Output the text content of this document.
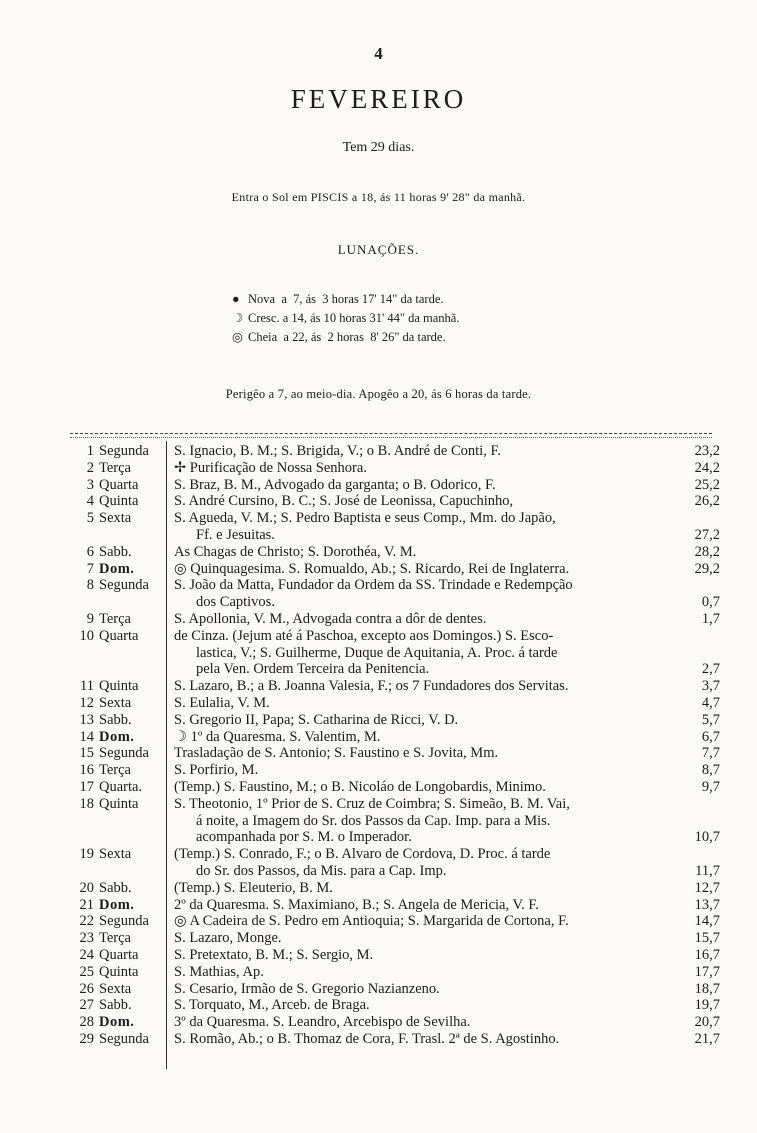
4
FEVEREIRO
Tem 29 dias.
Entra o Sol em PISCIS a 18, ás 11 horas 9' 28" da manhã.
LUNAÇÕES.
● Nova  a  7, ás  3 horas 17' 14" da tarde.
☽ Cresc. a 14, ás 10 horas 31' 44" da manhã.
◎ Cheia  a 22, ás  2 horas  8' 26" da tarde.
Perigêo a 7, ao meio-dia. Apogêo a 20, ás 6 horas da tarde.
1 Segunda	S. Ignacio, B. M.; S. Brigida, V.; o B. André de Conti, F.	23,2
2 Terça	✢ Purificação de Nossa Senhora.	24,2
3 Quarta	S. Braz, B. M., Advogado da garganta; o B. Odorico, F.	25,2
4 Quinta	S. André Cursino, B. C.; S. José de Leonissa, Capuchinho,	26,2
5 Sexta	S. Agueda, V. M.; S. Pedro Baptista e seus Comp., Mm. do Japão,
Ff. e Jesuitas.	27,2
6 Sabb.	As Chagas de Christo; S. Dorothéa, V. M.	28,2
7 Dom.	◎ Quinquagesima. S. Romualdo, Ab.; S. Ricardo, Rei de Inglaterra.	29,2
8 Segunda	S. João da Matta, Fundador da Ordem da SS. Trindade e Redempção
dos Captivos.	0,7
9 Terça	S. Apollonia, V. M., Advogada contra a dôr de dentes.	1,7
10 Quarta	de Cinza. (Jejum até á Paschoa, excepto aos Domingos.) S. Esco-
lastica, V.; S. Guilherme, Duque de Aquitania, A. Proc. á tarde
pela Ven. Ordem Terceira da Penitencia.	2,7
11 Quinta	S. Lazaro, B.; a B. Joanna Valesia, F.; os 7 Fundadores dos Servitas.	3,7
12 Sexta	S. Eulalia, V. M.	4,7
13 Sabb.	S. Gregorio II, Papa; S. Catharina de Ricci, V. D.	5,7
14 Dom.	☽ 1º da Quaresma. S. Valentim, M.	6,7
15 Segunda	Trasladação de S. Antonio; S. Faustino e S. Jovita, Mm.	7,7
16 Terça	S. Porfirio, M.	8,7
17 Quarta.	(Temp.) S. Faustino, M.; o B. Nicoláo de Longobardis, Minimo.	9,7
18 Quinta	S. Theotonio, 1º Prior de S. Cruz de Coimbra; S. Simeão, B. M. Vai,
á noite, a Imagem do Sr. dos Passos da Cap. Imp. para a Mis.
acompanhada por S. M. o Imperador.	10,7
19 Sexta	(Temp.) S. Conrado, F.; o B. Alvaro de Cordova, D. Proc. á tarde
do Sr. dos Passos, da Mis. para a Cap. Imp.	11,7
20 Sabb.	(Temp.) S. Eleuterio, B. M.	12,7
21 Dom.	2º da Quaresma. S. Maximiano, B.; S. Angela de Mericia, V. F.	13,7
22 Segunda	◎ A Cadeira de S. Pedro em Antioquia; S. Margarida de Cortona, F.	14,7
23 Terça	S. Lazaro, Monge.	15,7
24 Quarta	S. Pretextato, B. M.; S. Sergio, M.	16,7
25 Quinta	S. Mathias, Ap.	17,7
26 Sexta	S. Cesario, Irmão de S. Gregorio Nazianzeno.	18,7
27 Sabb.	S. Torquato, M., Arceb. de Braga.	19,7
28 Dom.	3º da Quaresma. S. Leandro, Arcebispo de Sevilha.	20,7
29 Segunda	S. Romão, Ab.; o B. Thomaz de Cora, F. Trasl. 2ª de S. Agostinho.	21,7
